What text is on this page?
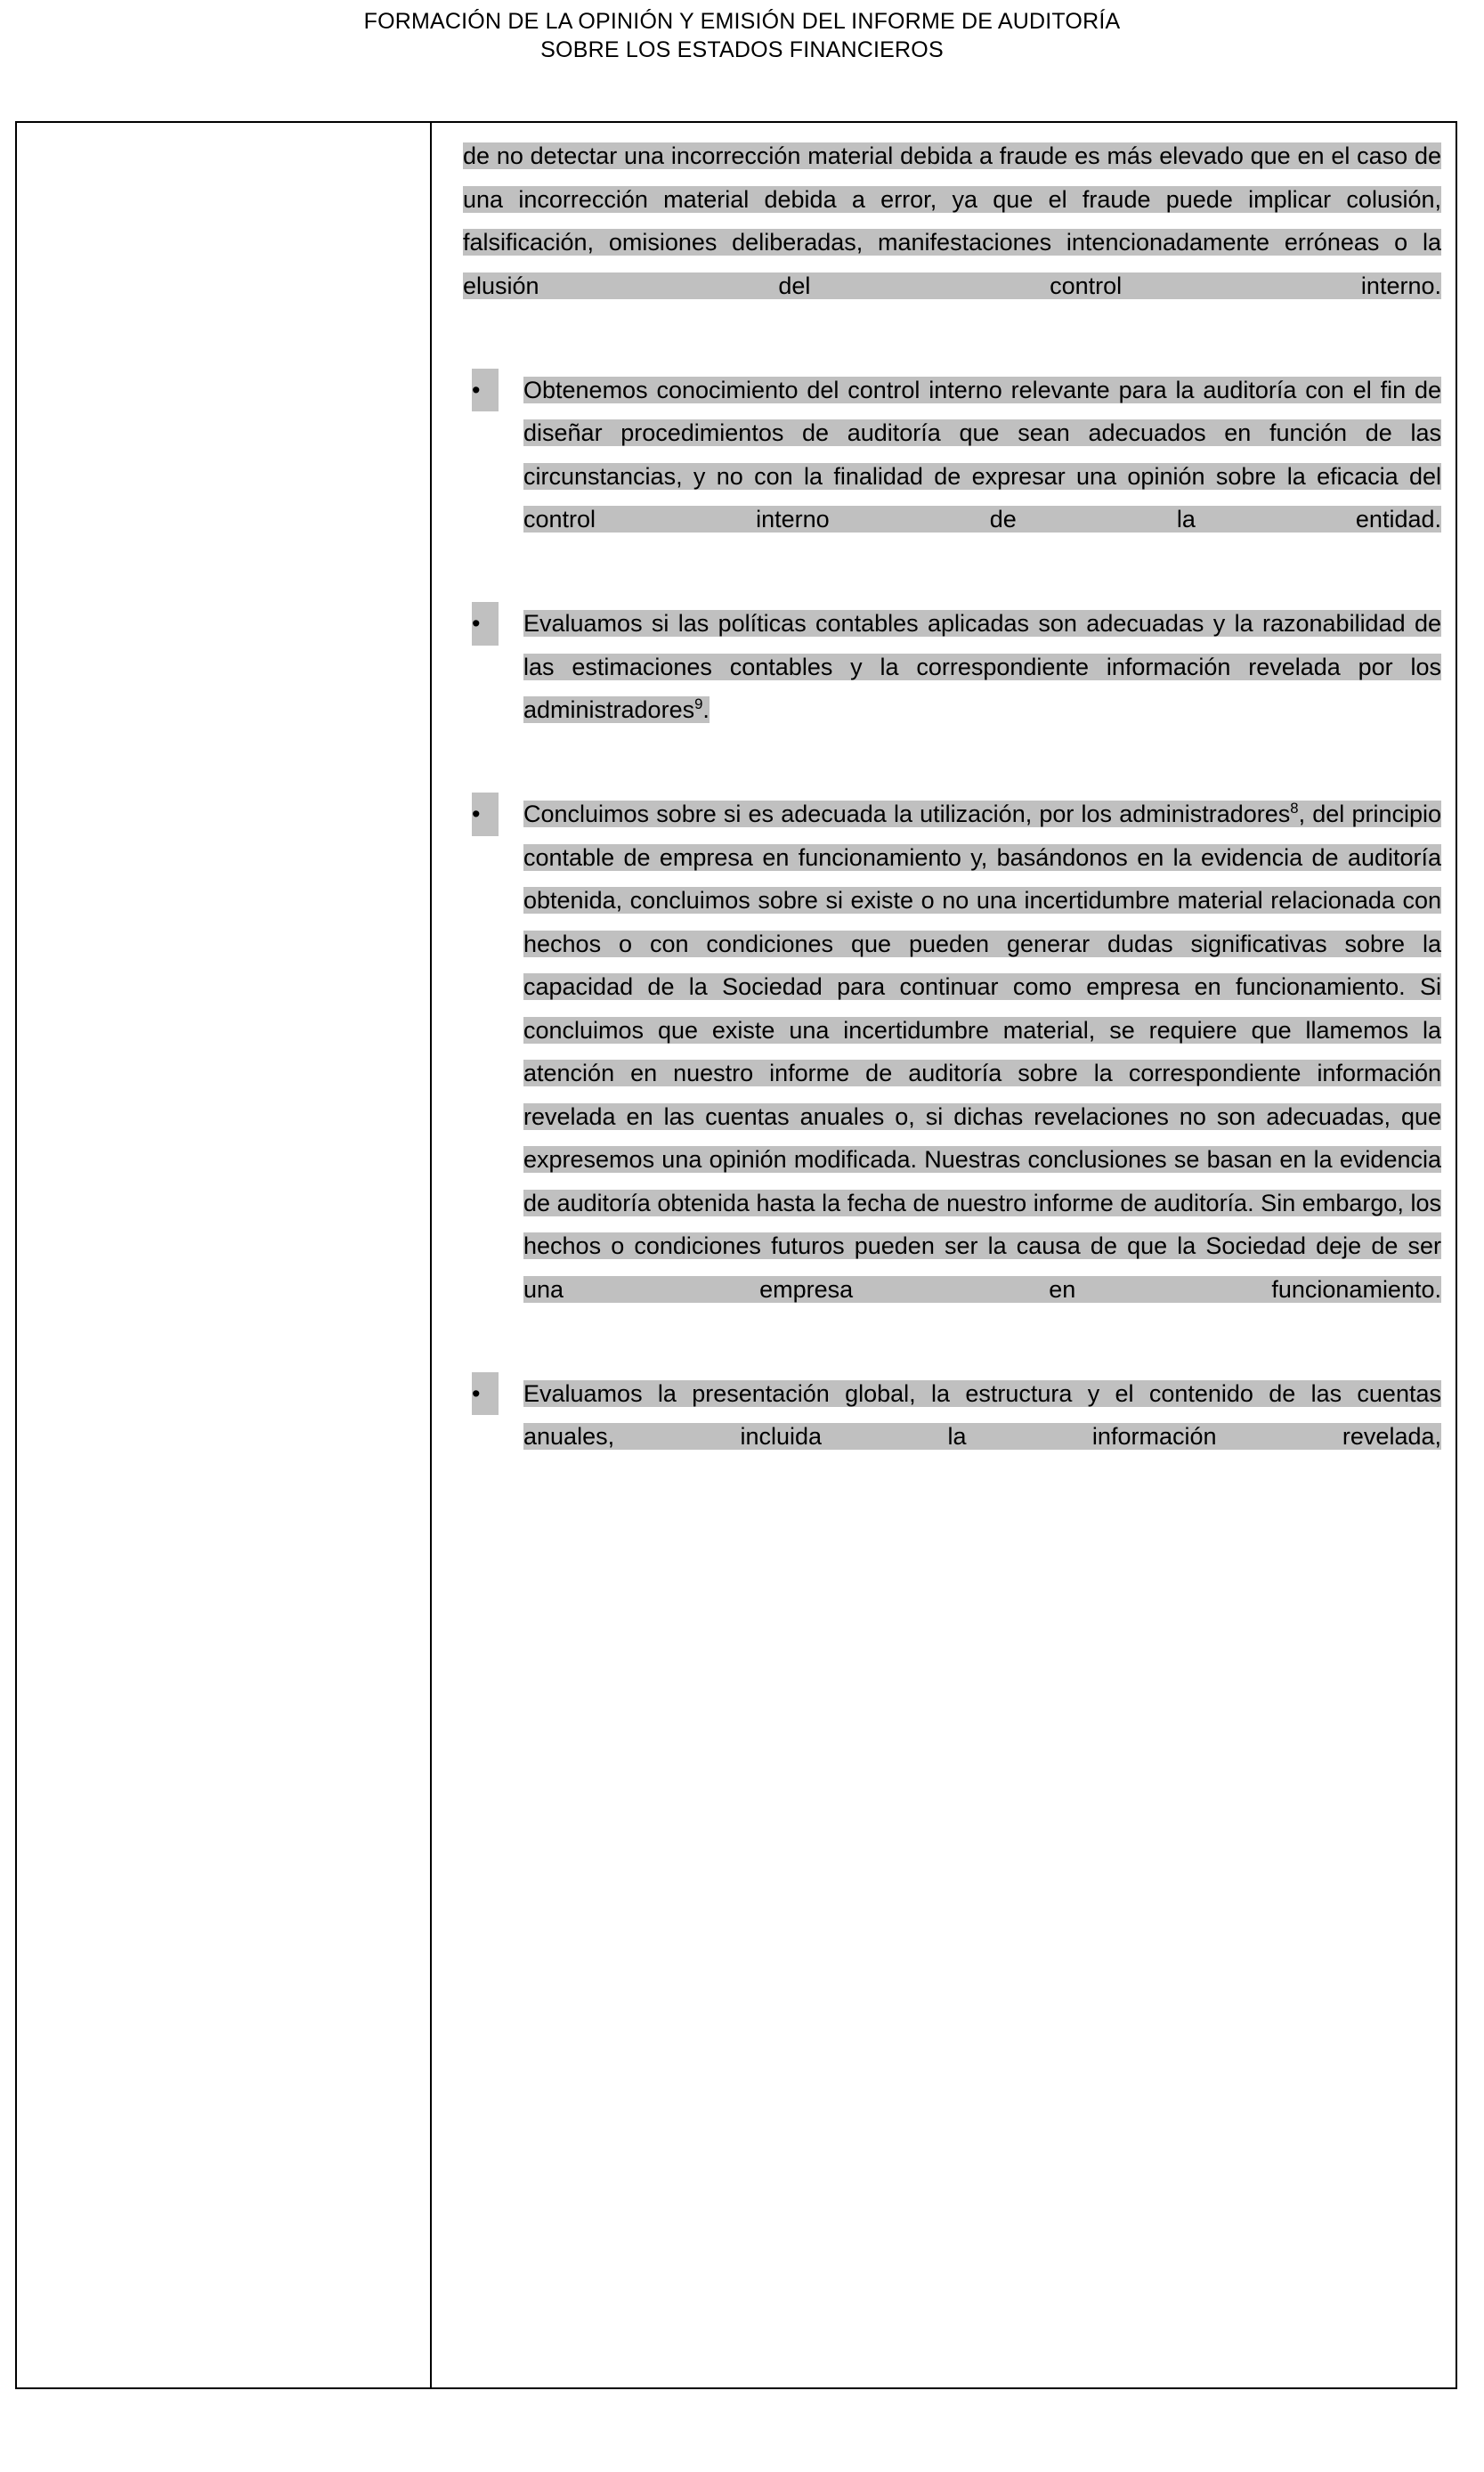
FORMACIÓN DE LA OPINIÓN Y EMISIÓN DEL INFORME DE AUDITORÍA
SOBRE LOS ESTADOS FINANCIEROS

de no detectar una incorrección material debida a fraude es más elevado que en el caso de una incorrección material debida a error, ya que el fraude puede implicar colusión, falsificación, omisiones deliberadas, manifestaciones intencionadamente erróneas o la elusión del control interno.

•	Obtenemos conocimiento del control interno relevante para la auditoría con el fin de diseñar procedimientos de auditoría que sean adecuados en función de las circunstancias, y no con la finalidad de expresar una opinión sobre la eficacia del control interno de la entidad.

•	Evaluamos si las políticas contables aplicadas son adecuadas y la razonabilidad de las estimaciones contables y la correspondiente información revelada por los administradores$^9$.

•	Concluimos sobre si es adecuada la utilización, por los administradores$^8$, del principio contable de empresa en funcionamiento y, basándonos en la evidencia de auditoría obtenida, concluimos sobre si existe o no una incertidumbre material relacionada con hechos o con condiciones que pueden generar dudas significativas sobre la capacidad de la Sociedad para continuar como empresa en funcionamiento. Si concluimos que existe una incertidumbre material, se requiere que llamemos la atención en nuestro informe de auditoría sobre la correspondiente información revelada en las cuentas anuales o, si dichas revelaciones no son adecuadas, que expresemos una opinión modificada. Nuestras conclusiones se basan en la evidencia de auditoría obtenida hasta la fecha de nuestro informe de auditoría. Sin embargo, los hechos o condiciones futuros pueden ser la causa de que la Sociedad deje de ser una empresa en funcionamiento.

•	Evaluamos la presentación global, la estructura y el contenido de las cuentas anuales, incluida la información revelada,
